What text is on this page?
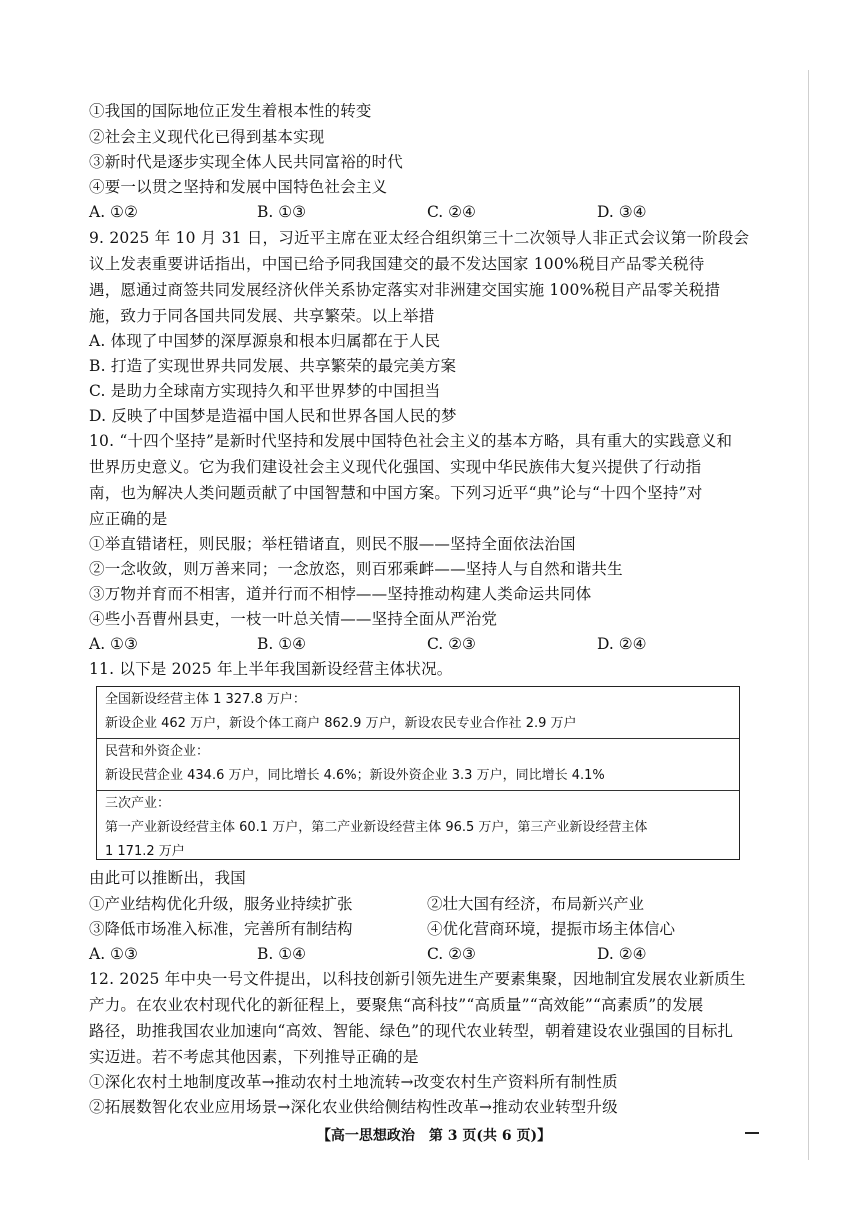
①我国的国际地位正发生着根本性的转变
②社会主义现代化已得到基本实现
③新时代是逐步实现全体人民共同富裕的时代
④要一以贯之坚持和发展中国特色社会主义
A. ①②	B. ①③	C. ②④	D. ③④
9. 2025 年 10 月 31 日，习近平主席在亚太经合组织第三十二次领导人非正式会议第一阶段会
议上发表重要讲话指出，中国已给予同我国建交的最不发达国家 100%税目产品零关税待
遇，愿通过商签共同发展经济伙伴关系协定落实对非洲建交国实施 100%税目产品零关税措
施，致力于同各国共同发展、共享繁荣。以上举措
A. 体现了中国梦的深厚源泉和根本归属都在于人民
B. 打造了实现世界共同发展、共享繁荣的最完美方案
C. 是助力全球南方实现持久和平世界梦的中国担当
D. 反映了中国梦是造福中国人民和世界各国人民的梦
10. “十四个坚持”是新时代坚持和发展中国特色社会主义的基本方略，具有重大的实践意义和
世界历史意义。它为我们建设社会主义现代化强国、实现中华民族伟大复兴提供了行动指
南，也为解决人类问题贡献了中国智慧和中国方案。下列习近平“典”论与“十四个坚持”对
应正确的是
①举直错诸枉，则民服；举枉错诸直，则民不服——坚持全面依法治国
②一念收敛，则万善来同；一念放恣，则百邪乘衅——坚持人与自然和谐共生
③万物并育而不相害，道并行而不相悖——坚持推动构建人类命运共同体
④些小吾曹州县吏，一枝一叶总关情——坚持全面从严治党
A. ①③	B. ①④	C. ②③	D. ②④
11. 以下是 2025 年上半年我国新设经营主体状况。
全国新设经营主体 1 327.8 万户：
新设企业 462 万户，新设个体工商户 862.9 万户，新设农民专业合作社 2.9 万户
民营和外资企业：
新设民营企业 434.6 万户，同比增长 4.6%；新设外资企业 3.3 万户，同比增长 4.1%
三次产业：
第一产业新设经营主体 60.1 万户，第二产业新设经营主体 96.5 万户，第三产业新设经营主体
1 171.2 万户
由此可以推断出，我国
①产业结构优化升级，服务业持续扩张	②壮大国有经济，布局新兴产业
③降低市场准入标准，完善所有制结构	④优化营商环境，提振市场主体信心
A. ①③	B. ①④	C. ②③	D. ②④
12. 2025 年中央一号文件提出，以科技创新引领先进生产要素集聚，因地制宜发展农业新质生
产力。在农业农村现代化的新征程上，要聚焦“高科技”“高质量”“高效能”“高素质”的发展
路径，助推我国农业加速向“高效、智能、绿色”的现代农业转型，朝着建设农业强国的目标扎
实迈进。若不考虑其他因素，下列推导正确的是
①深化农村土地制度改革→推动农村土地流转→改变农村生产资料所有制性质
②拓展数智化农业应用场景→深化农业供给侧结构性改革→推动农业转型升级
【高一思想政治　第 3 页(共 6 页)】
